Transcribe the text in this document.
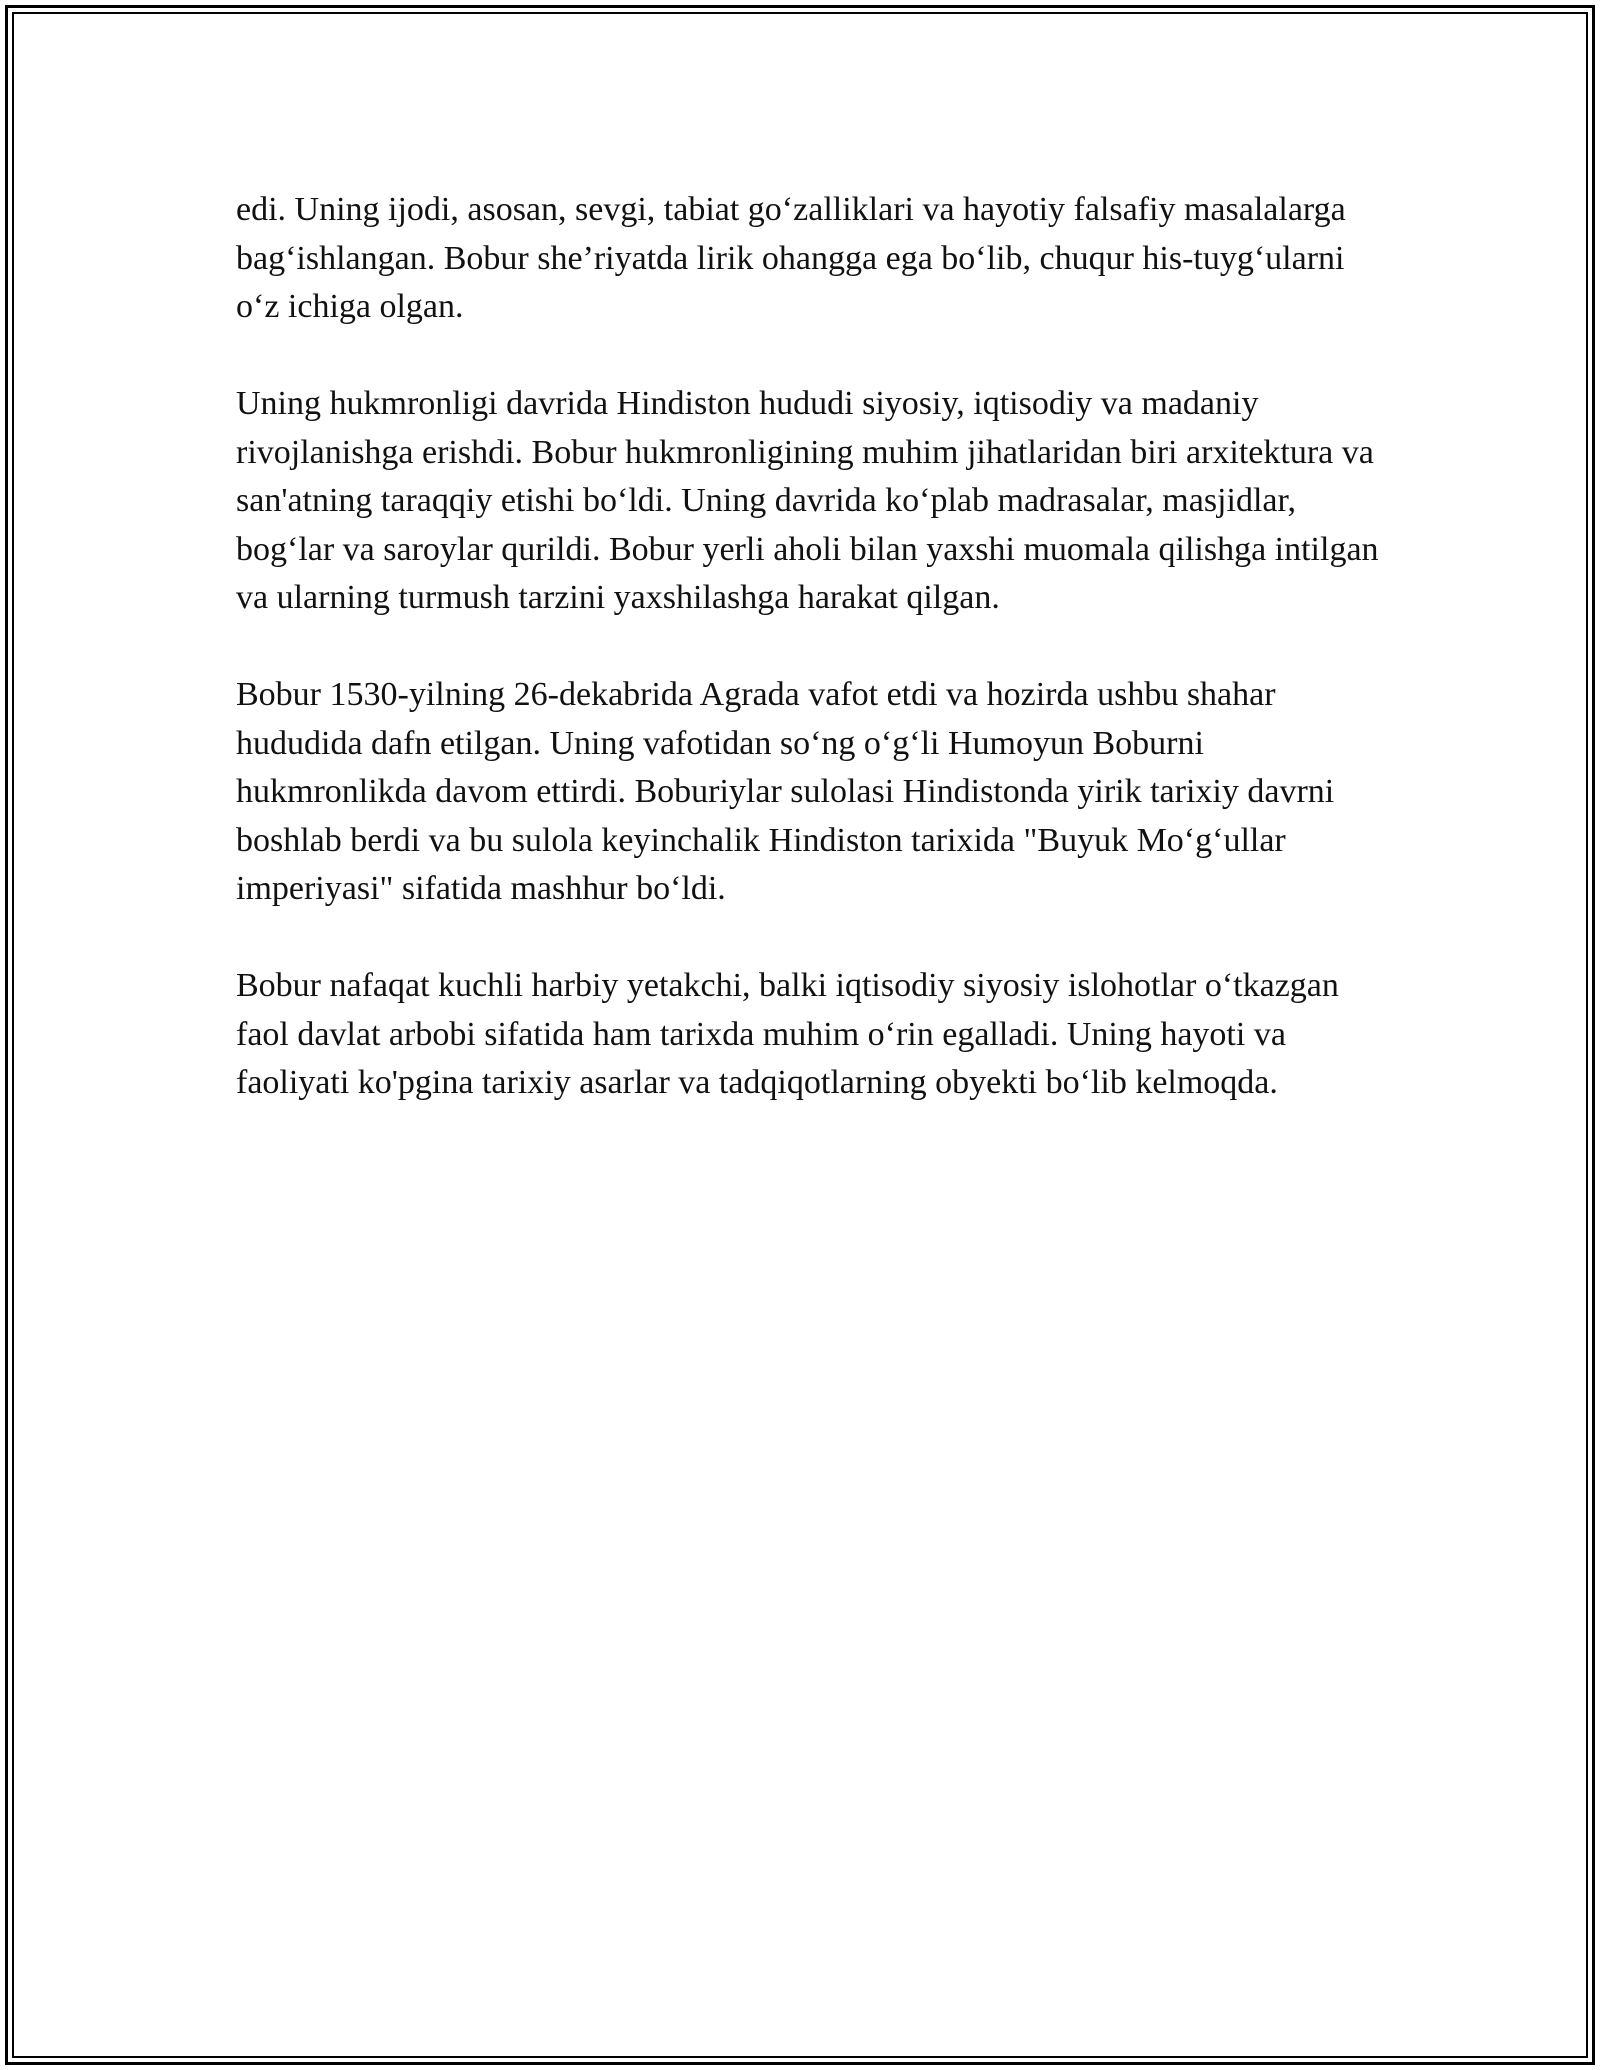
edi. Uning ijodi, asosan, sevgi, tabiat go‘zalliklari va hayotiy falsafiy masalalarga bag‘ishlangan. Bobur she’riyatda lirik ohangga ega bo‘lib, chuqur his-tuyg‘ularni o‘z ichiga olgan.

Uning hukmronligi davrida Hindiston hududi siyosiy, iqtisodiy va madaniy rivojlanishga erishdi. Bobur hukmronligining muhim jihatlaridan biri arxitektura va san'atning taraqqiy etishi bo‘ldi. Uning davrida ko‘plab madrasalar, masjidlar, bog‘lar va saroylar qurildi. Bobur yerli aholi bilan yaxshi muomala qilishga intilgan va ularning turmush tarzini yaxshilashga harakat qilgan.

Bobur 1530-yilning 26-dekabrida Agrada vafot etdi va hozirda ushbu shahar hududida dafn etilgan. Uning vafotidan so‘ng o‘g‘li Humoyun Boburni hukmronlikda davom ettirdi. Boburiylar sulolasi Hindistonda yirik tarixiy davrni boshlab berdi va bu sulola keyinchalik Hindiston tarixida "Buyuk Mo‘g‘ullar imperiyasi" sifatida mashhur bo‘ldi.

Bobur nafaqat kuchli harbiy yetakchi, balki iqtisodiy siyosiy islohotlar o‘tkazgan faol davlat arbobi sifatida ham tarixda muhim o‘rin egalladi. Uning hayoti va faoliyati ko'pgina tarixiy asarlar va tadqiqotlarning obyekti bo‘lib kelmoqda.
